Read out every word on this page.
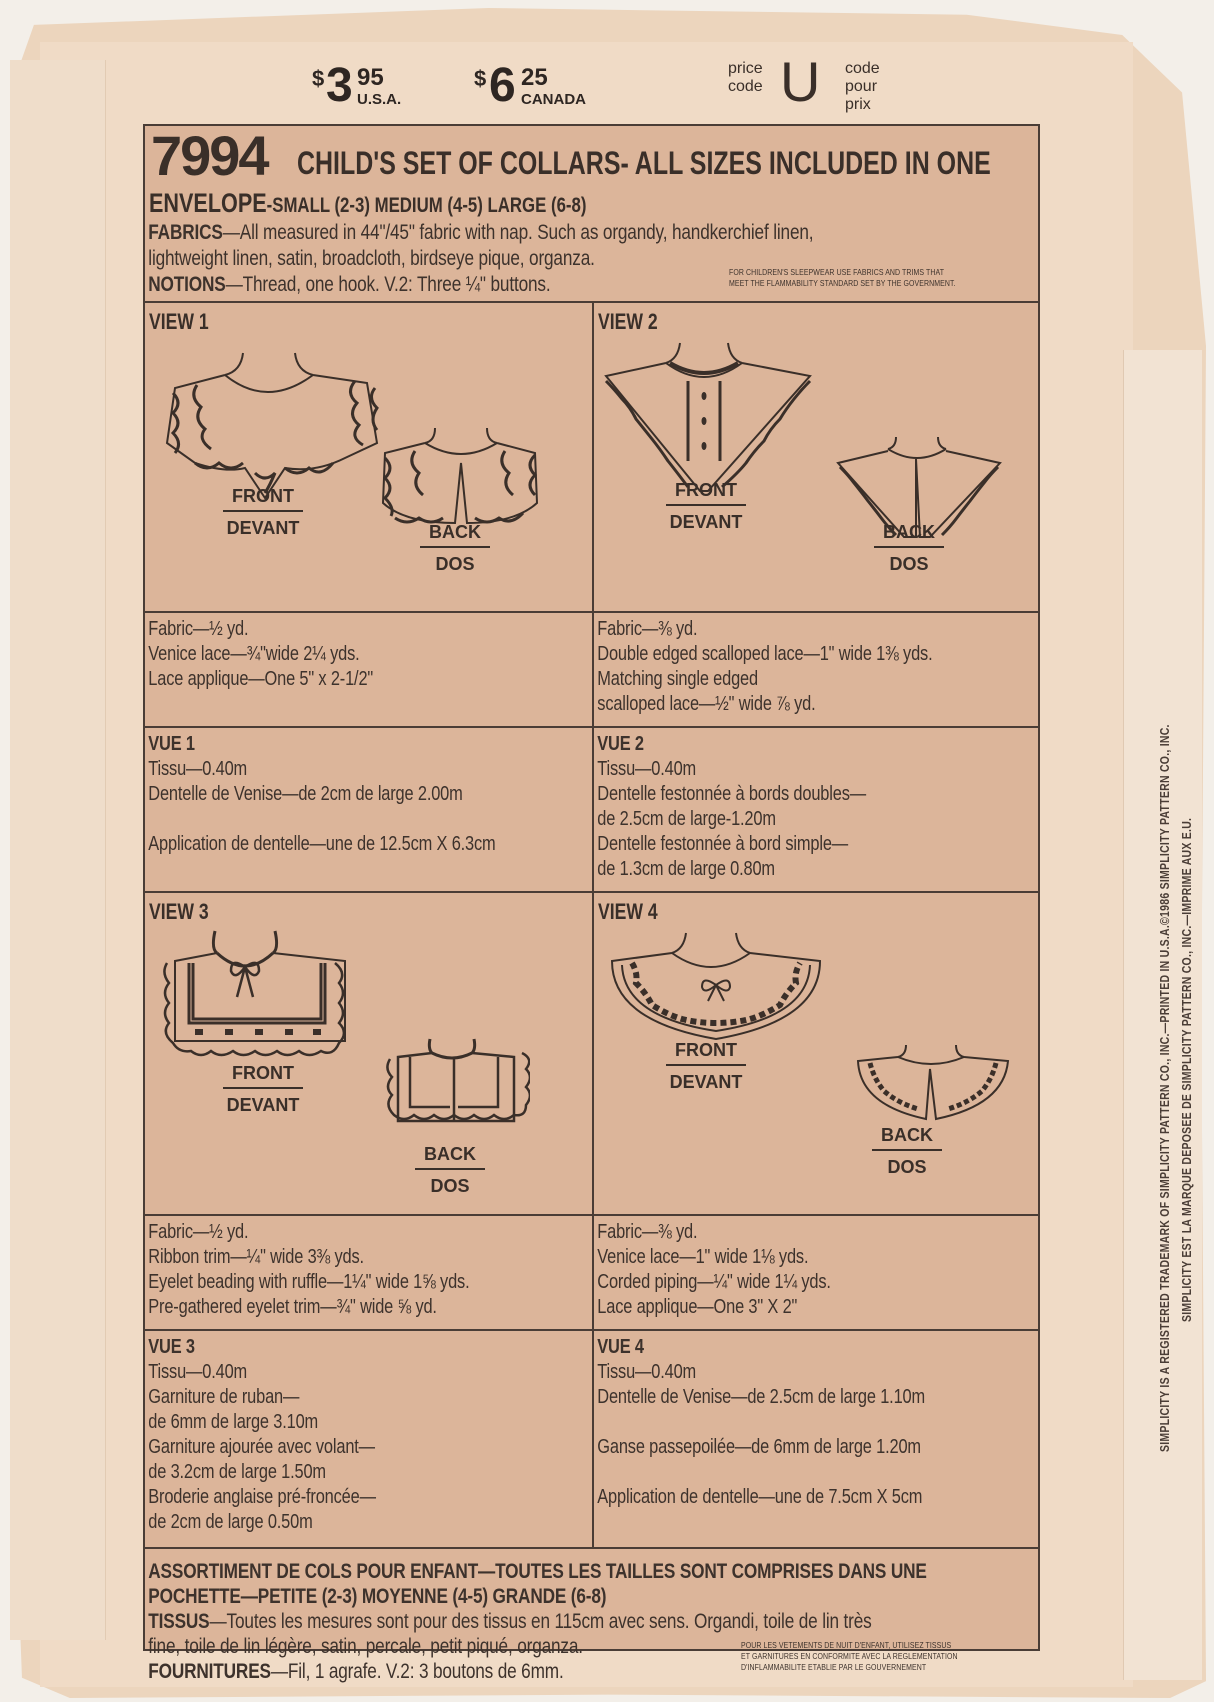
$ 3 95
U.S.A.
$ 6 25
CANADA
price
code U code
pour
prix
7994 CHILD'S SET OF COLLARS- ALL SIZES INCLUDED IN ONE
ENVELOPE-SMALL (2-3) MEDIUM (4-5) LARGE (6-8)
FABRICS—All measured in 44"/45" fabric with nap. Such as organdy, handkerchief linen,
lightweight linen, satin, broadcloth, birdseye pique, organza.
NOTIONS—Thread, one hook. V.2: Three ¼" buttons.
FOR CHILDREN'S SLEEPWEAR USE FABRICS AND TRIMS THAT
MEET THE FLAMMABILITY STANDARD SET BY THE GOVERNMENT.
VIEW 1
FRONT
DEVANT	BACK
DOS
VIEW 2
FRONT
DEVANT	BACK
DOS
Fabric—½ yd.
Venice lace—¾"wide 2¼ yds.
Lace applique—One 5" x 2-1/2"
Fabric—⅜ yd.
Double edged scalloped lace—1" wide 1⅜ yds.
Matching single edged
scalloped lace—½" wide ⅞ yd.
VUE 1
Tissu—0.40m
Dentelle de Venise—de 2cm de large 2.00m
Application de dentelle—une de 12.5cm X 6.3cm
VUE 2
Tissu—0.40m
Dentelle festonnée à bords doubles—
de 2.5cm de large-1.20m
Dentelle festonnée à bord simple—
de 1.3cm de large 0.80m
VIEW 3
FRONT
DEVANT
BACK
DOS
VIEW 4
FRONT
DEVANT
BACK
DOS
Fabric—½ yd.
Ribbon trim—¼" wide 3⅜ yds.
Eyelet beading with ruffle—1¼" wide 1⅝ yds.
Pre-gathered eyelet trim—¾" wide ⅝ yd.
Fabric—⅜ yd.
Venice lace—1" wide 1⅛ yds.
Corded piping—¼" wide 1¼ yds.
Lace applique—One 3" X 2"
VUE 3
Tissu—0.40m
Garniture de ruban—
de 6mm de large 3.10m
Garniture ajourée avec volant—
de 3.2cm de large 1.50m
Broderie anglaise pré-froncée—
de 2cm de large 0.50m
VUE 4
Tissu—0.40m
Dentelle de Venise—de 2.5cm de large 1.10m
Ganse passepoilée—de 6mm de large 1.20m
Application de dentelle—une de 7.5cm X 5cm
ASSORTIMENT DE COLS POUR ENFANT—TOUTES LES TAILLES SONT COMPRISES DANS UNE
POCHETTE—PETITE (2-3) MOYENNE (4-5) GRANDE (6-8)
TISSUS—Toutes les mesures sont pour des tissus en 115cm avec sens. Organdi, toile de lin très
fine, toile de lin légère, satin, percale, petit piqué, organza.
FOURNITURES—Fil, 1 agrafe. V.2: 3 boutons de 6mm.
POUR LES VETEMENTS DE NUIT D'ENFANT, UTILISEZ TISSUS
ET GARNITURES EN CONFORMITE AVEC LA REGLEMENTATION
D'INFLAMMABILITE ETABLIE PAR LE GOUVERNEMENT
SIMPLICITY IS A REGISTERED TRADEMARK OF SIMPLICITY PATTERN CO., INC.—PRINTED IN U.S.A.©1986 SIMPLICITY PATTERN CO., INC. SIMPLICITY EST LA MARQUE DEPOSEE DE SIMPLICITY PATTERN CO., INC.—IMPRIME AUX E.U.
